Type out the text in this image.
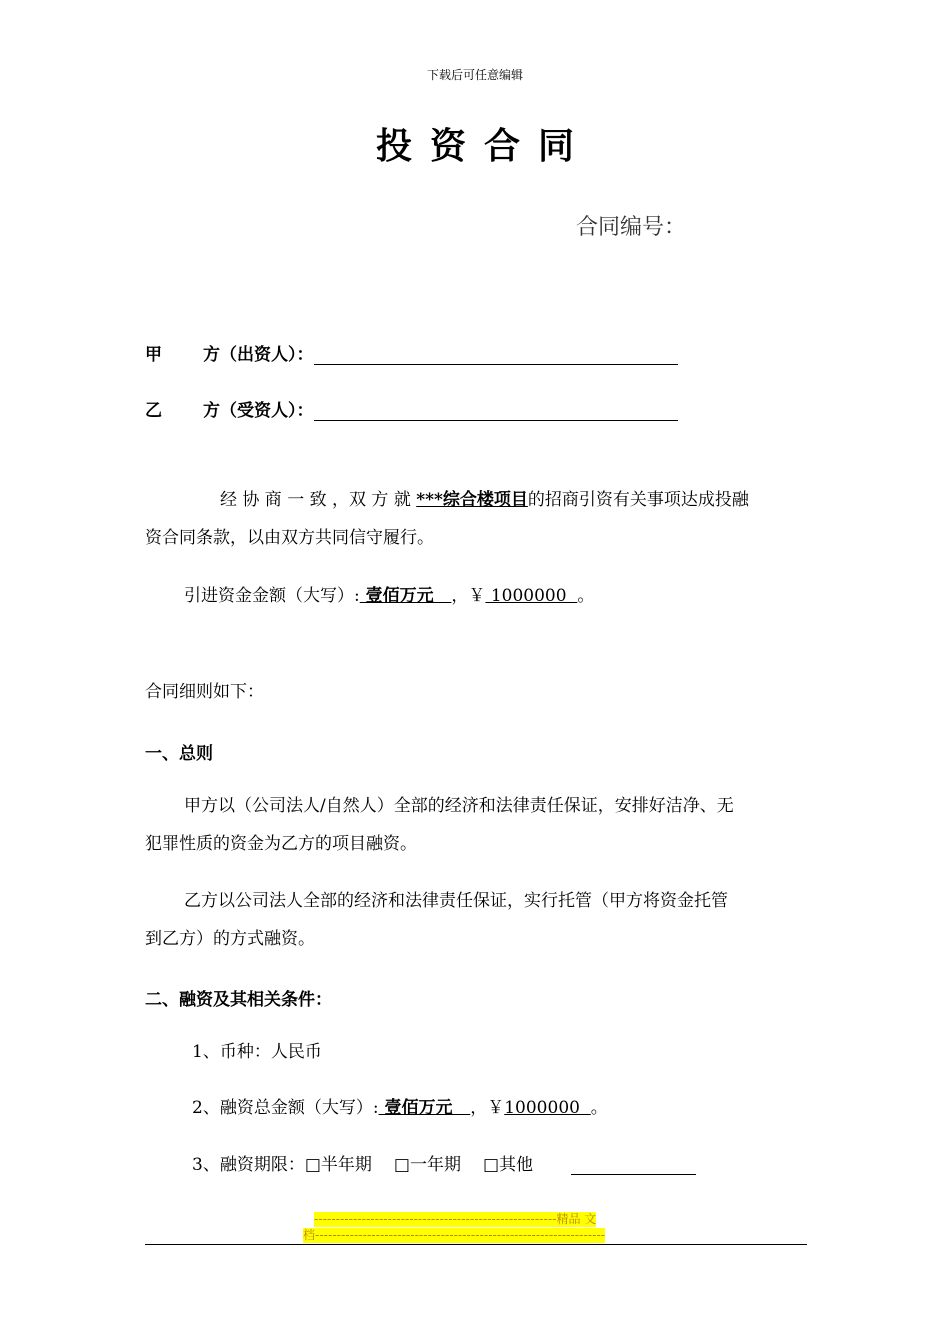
下载后可任意编辑
投资合同
合同编号：
甲 方（出资人）：
乙 方（受资人）：
经 协 商 一 致 ，双 方 就 ***综合楼项目的招商引资有关事项达成投融
资合同条款，以由双方共同信守履行。
引进资金金额（大写）: 壹佰万元   ，￥ 1000000  。
合同细则如下：
一、总则
甲方以（公司法人/自然人）全部的经济和法律责任保证，安排好洁净、无
犯罪性质的资金为乙方的项目融资。
乙方以公司法人全部的经济和法律责任保证，实行托管（甲方将资金托管
到乙方）的方式融资。
二、融资及其相关条件：
1、币种：人民币
2、融资总金额（大写）: 壹佰万元   ，￥1000000  。
3、融资期限：□半年期 □一年期 □其他
--------------------------------------------------------精品 文
档-------------------------------------------------------------------
